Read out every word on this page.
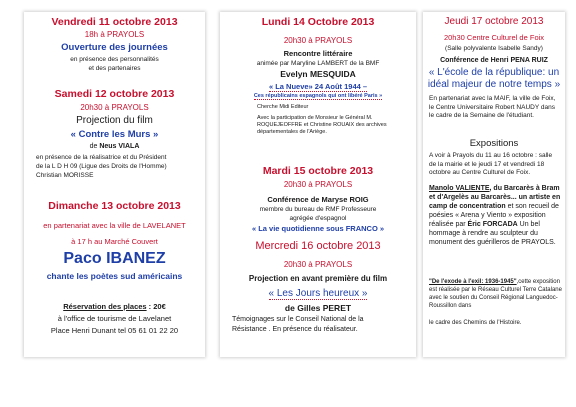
Vendredi 11 octobre 2013
18h à PRAYOLS
Ouverture des journées
en présence des personnalités
et des partenaires
Samedi 12 octobre 2013
20h30 à PRAYOLS
Projection du film
« Contre les Murs »
de Neus VIALA
en présence de la réalisatrice et du Président
de la L D H 09 (Ligue des Droits de l'Homme)
Christian MORISSE
Dimanche 13 octobre 2013
en partenariat avec la ville de LAVELANET
à 17 h au Marché Couvert
Paco IBANEZ
chante les poètes sud américains
Réservation des places : 20€
à l'office de tourisme de Lavelanet
Place Henri Dunant tel 05 61 01 22 20
Lundi 14 Octobre 2013
20h30 à PRAYOLS
Rencontre littéraire
animée par Maryline LAMBERT de la BMF
Evelyn MESQUIDA
« La Nueve» 24 Août 1944 –
Ces républicains espagnols qui ont libéré Paris »
Cherche Midi Editeur
Avec la participation de Monsieur le Général M.
ROQUEJEOFFRE et Christine ROUAIX des archives
départementales de l'Ariège.
Mardi 15 octobre 2013
20h30 à PRAYOLS
Conférence de Maryse ROIG
membre du bureau de RMF Professeure
agrégée d'espagnol
« La vie quotidienne sous FRANCO »
Mercredi 16 octobre 2013
20h30 à PRAYOLS
Projection en avant première du film
« Les Jours heureux »
de Gilles PERET
Témoignages sur le Conseil National de la
Résistance . En présence du réalisateur.
Jeudi 17 octobre 2013
20h30 Centre Culturel de Foix
(Salle polyvalente Isabelle Sandy)
Conférence de Henri PENA RUIZ
« L'école de la république: un idéal majeur de notre temps »
En partenariat avec la MAIF, la ville de Foix, le Centre Universitaire Robert NAUDY dans le cadre de la Semaine de l'étudiant.
Expositions
A voir à Prayols du 11 au 16 octobre : salle de la mairie et le jeudi 17 et vendredi 18 octobre au Centre Culturel de Foix.
Manolo VALIENTE, du Barcarès à Bram et d'Argelès au Barcarès... un artiste en camp de concentration et son recueil de poésies « Arena y Viento » exposition réalisée par Éric FORCADA Un bel hommage à rendre au sculpteur du monument des guérilleros de PRAYOLS.
"De l'exode à l'exil: 1936-1945",cette exposition est réalisée par le Réseau Culturel Terre Catalane avec le soutien du Conseil Régional Languedoc-Roussillon dans
le cadre des Chemins de l'Histoire.
